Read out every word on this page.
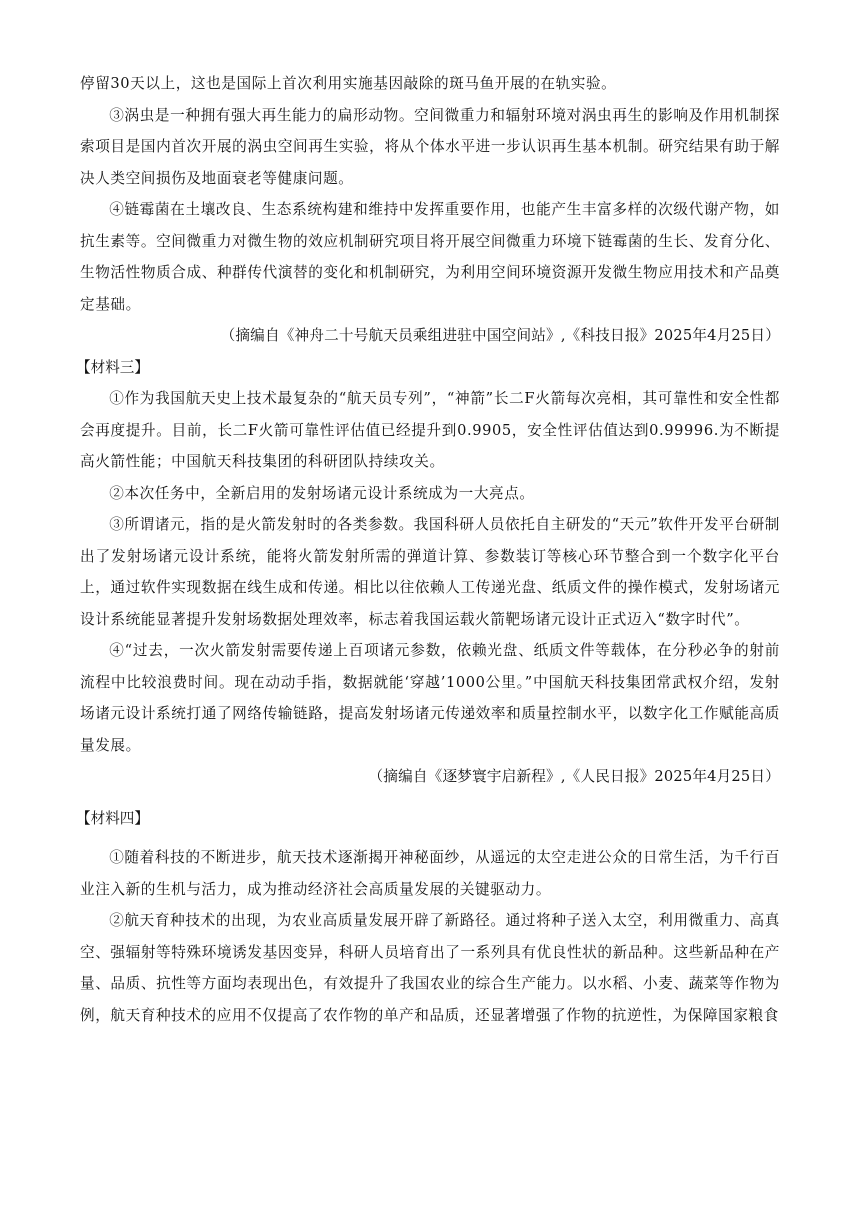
停留30天以上，这也是国际上首次利用实施基因敲除的斑马鱼开展的在轨实验。

③涡虫是一种拥有强大再生能力的扁形动物。空间微重力和辐射环境对涡虫再生的影响及作用机制探索项目是国内首次开展的涡虫空间再生实验，将从个体水平进一步认识再生基本机制。研究结果有助于解决人类空间损伤及地面衰老等健康问题。

④链霉菌在土壤改良、生态系统构建和维持中发挥重要作用，也能产生丰富多样的次级代谢产物，如抗生素等。空间微重力对微生物的效应机制研究项目将开展空间微重力环境下链霉菌的生长、发育分化、生物活性物质合成、种群传代演替的变化和机制研究，为利用空间环境资源开发微生物应用技术和产品奠定基础。

（摘编自《神舟二十号航天员乘组进驻中国空间站》,《科技日报》2025年4月25日）

【材料三】

①作为我国航天史上技术最复杂的“航天员专列”，“神箭”长二F火箭每次亮相，其可靠性和安全性都会再度提升。目前，长二F火箭可靠性评估值已经提升到0.9905，安全性评估值达到0.99996.为不断提高火箭性能；中国航天科技集团的科研团队持续攻关。

②本次任务中，全新启用的发射场诸元设计系统成为一大亮点。

③所谓诸元，指的是火箭发射时的各类参数。我国科研人员依托自主研发的“天元”软件开发平台研制出了发射场诸元设计系统，能将火箭发射所需的弹道计算、参数装订等核心环节整合到一个数字化平台上，通过软件实现数据在线生成和传递。相比以往依赖人工传递光盘、纸质文件的操作模式，发射场诸元设计系统能显著提升发射场数据处理效率，标志着我国运载火箭靶场诸元设计正式迈入“数字时代”。

④“过去，一次火箭发射需要传递上百项诸元参数，依赖光盘、纸质文件等载体，在分秒必争的射前流程中比较浪费时间。现在动动手指，数据就能‘穿越’1000公里。”中国航天科技集团常武权介绍，发射场诸元设计系统打通了网络传输链路，提高发射场诸元传递效率和质量控制水平，以数字化工作赋能高质量发展。

（摘编自《逐梦寰宇启新程》,《人民日报》2025年4月25日）

【材料四】

①随着科技的不断进步，航天技术逐渐揭开神秘面纱，从遥远的太空走进公众的日常生活，为千行百业注入新的生机与活力，成为推动经济社会高质量发展的关键驱动力。

②航天育种技术的出现，为农业高质量发展开辟了新路径。通过将种子送入太空，利用微重力、高真空、强辐射等特殊环境诱发基因变异，科研人员培育出了一系列具有优良性状的新品种。这些新品种在产量、品质、抗性等方面均表现出色，有效提升了我国农业的综合生产能力。以水稻、小麦、蔬菜等作物为例，航天育种技术的应用不仅提高了农作物的单产和品质，还显著增强了作物的抗逆性，为保障国家粮食
